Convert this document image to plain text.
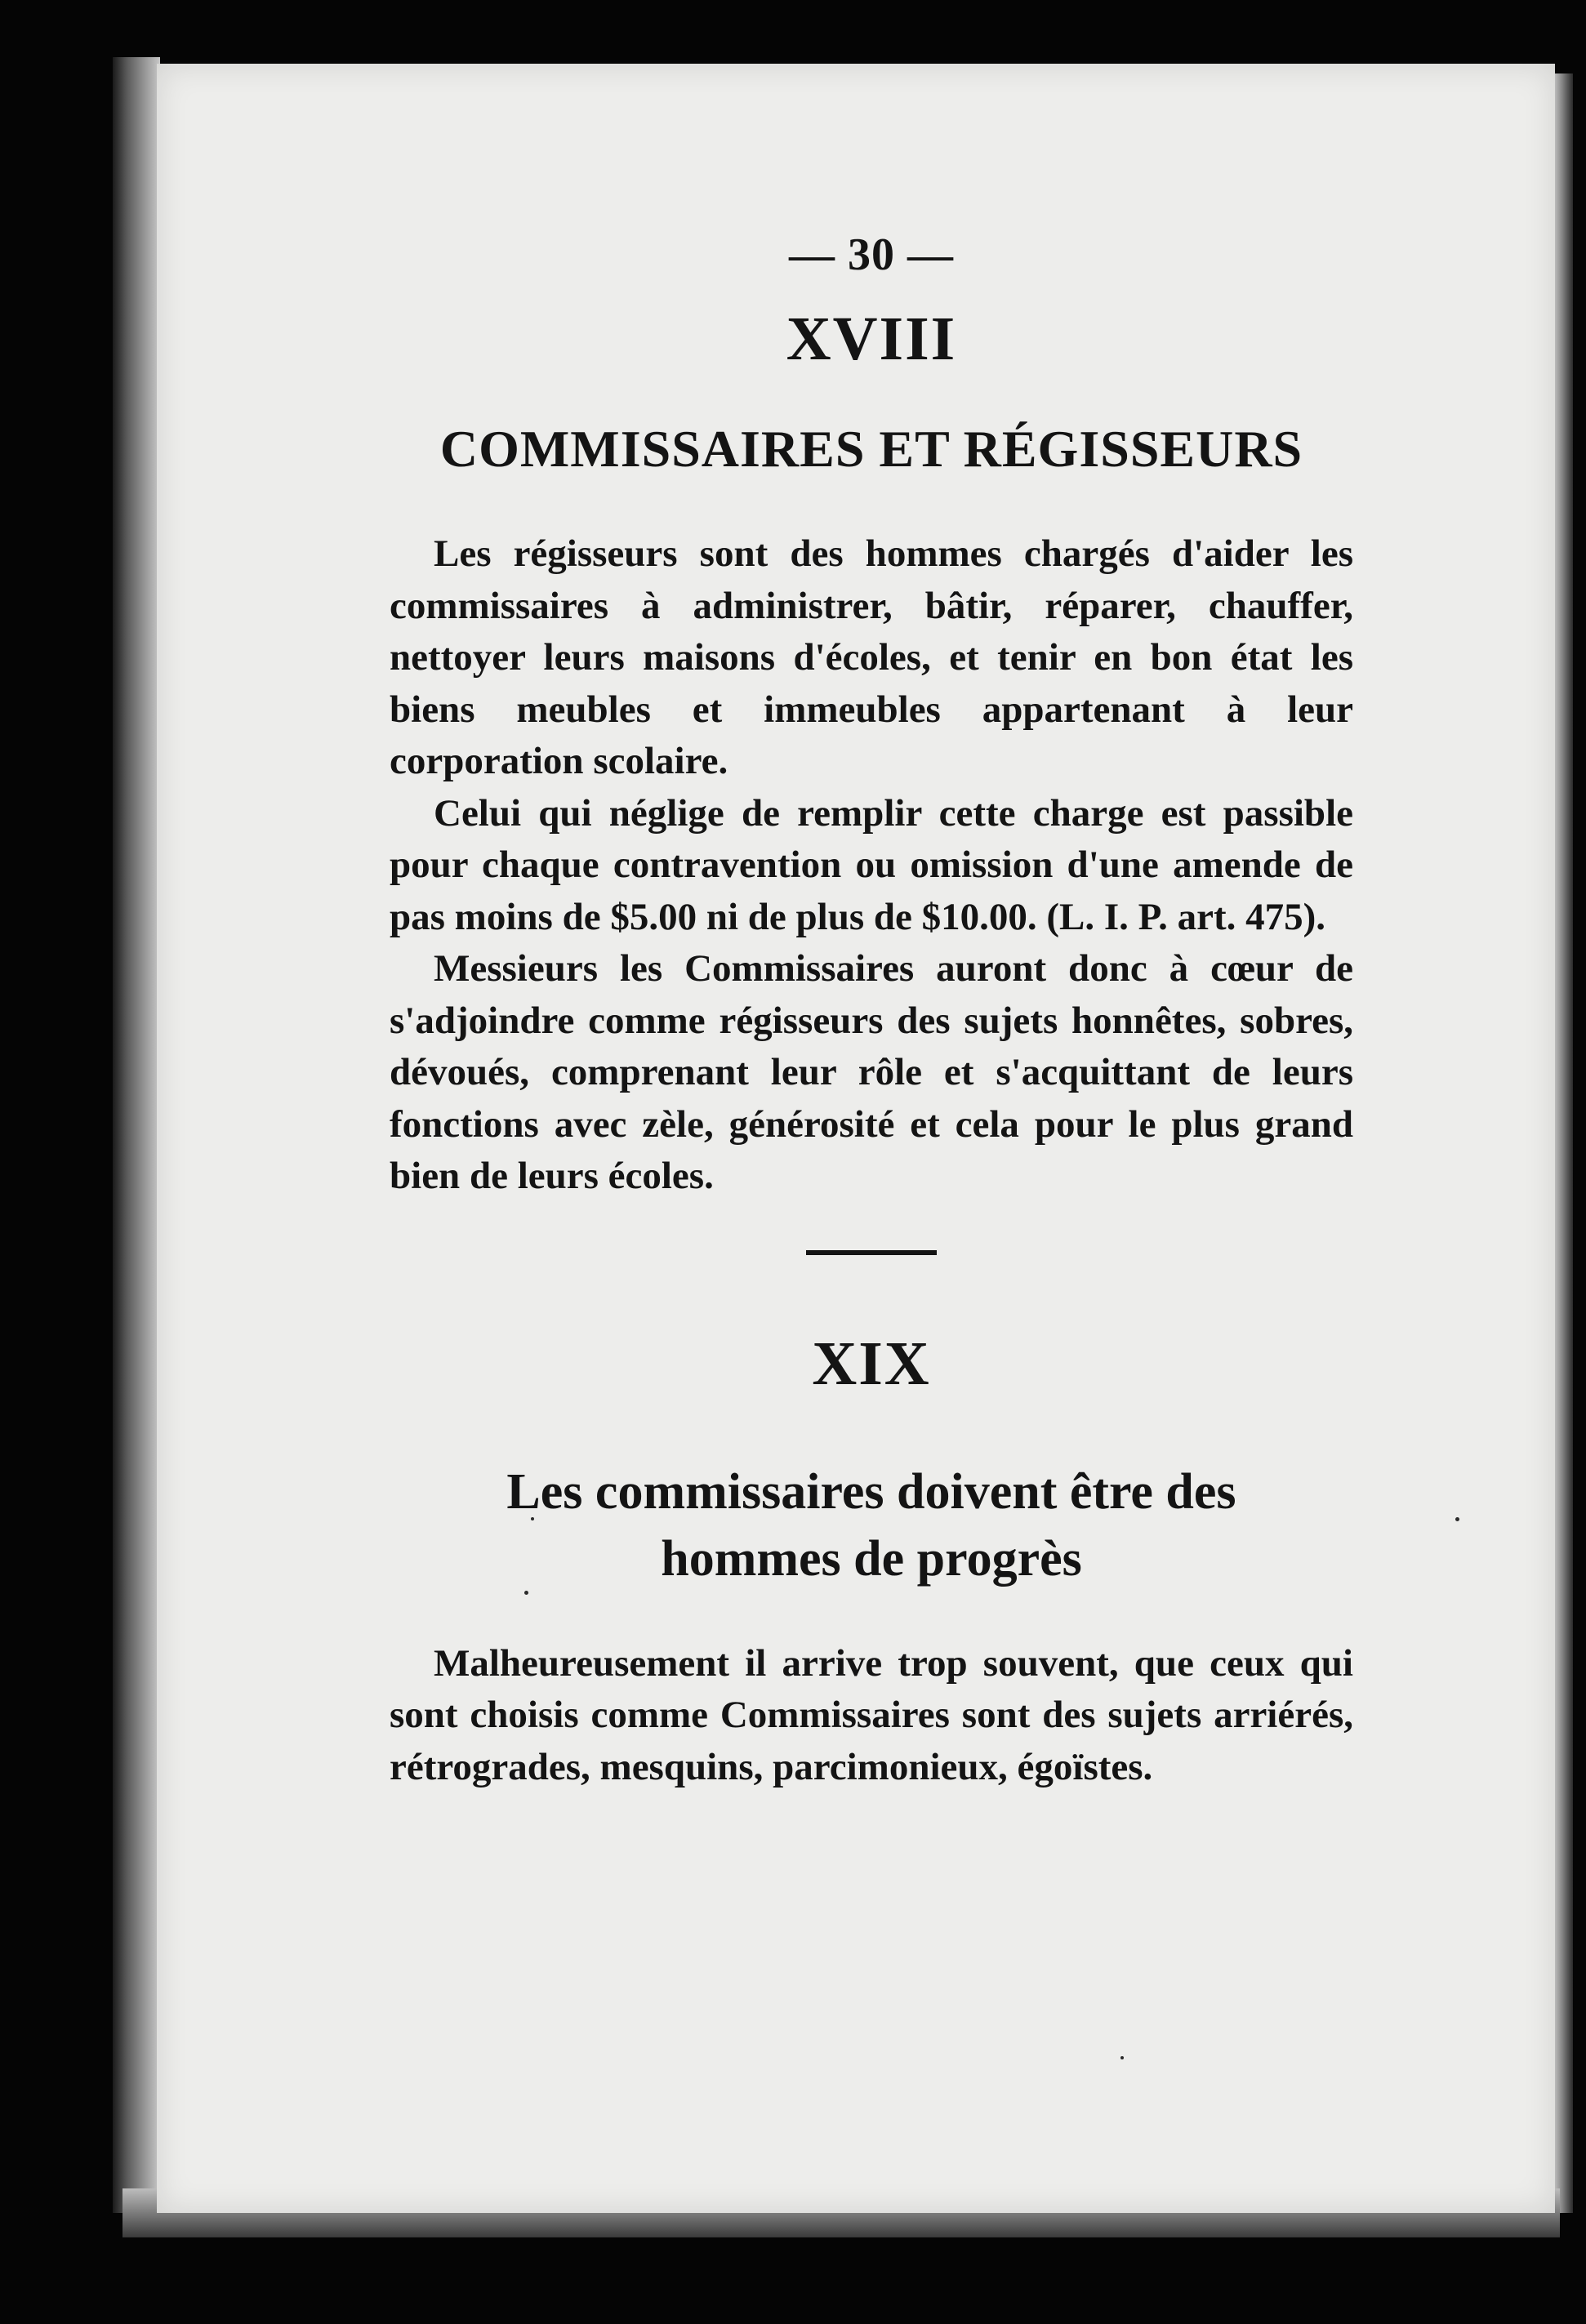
— 30 —
XVIII
COMMISSAIRES ET RÉGISSEURS

Les régisseurs sont des hommes chargés d'aider les commissaires à administrer, bâtir, réparer, chauffer, nettoyer leurs maisons d'écoles, et tenir en bon état les biens meubles et immeubles appartenant à leur corporation scolaire.

Celui qui néglige de remplir cette charge est passible pour chaque contravention ou omission d'une amende de pas moins de $5.00 ni de plus de $10.00. (L. I. P. art. 475).

Messieurs les Commissaires auront donc à cœur de s'adjoindre comme régisseurs des sujets honnêtes, sobres, dévoués, comprenant leur rôle et s'acquittant de leurs fonctions avec zèle, générosité et cela pour le plus grand bien de leurs écoles.

XIX
Les commissaires doivent être des
hommes de progrès

Malheureusement il arrive trop souvent, que ceux qui sont choisis comme Commissaires sont des sujets arriérés, rétrogrades, mesquins, parcimonieux, égoïstes.
